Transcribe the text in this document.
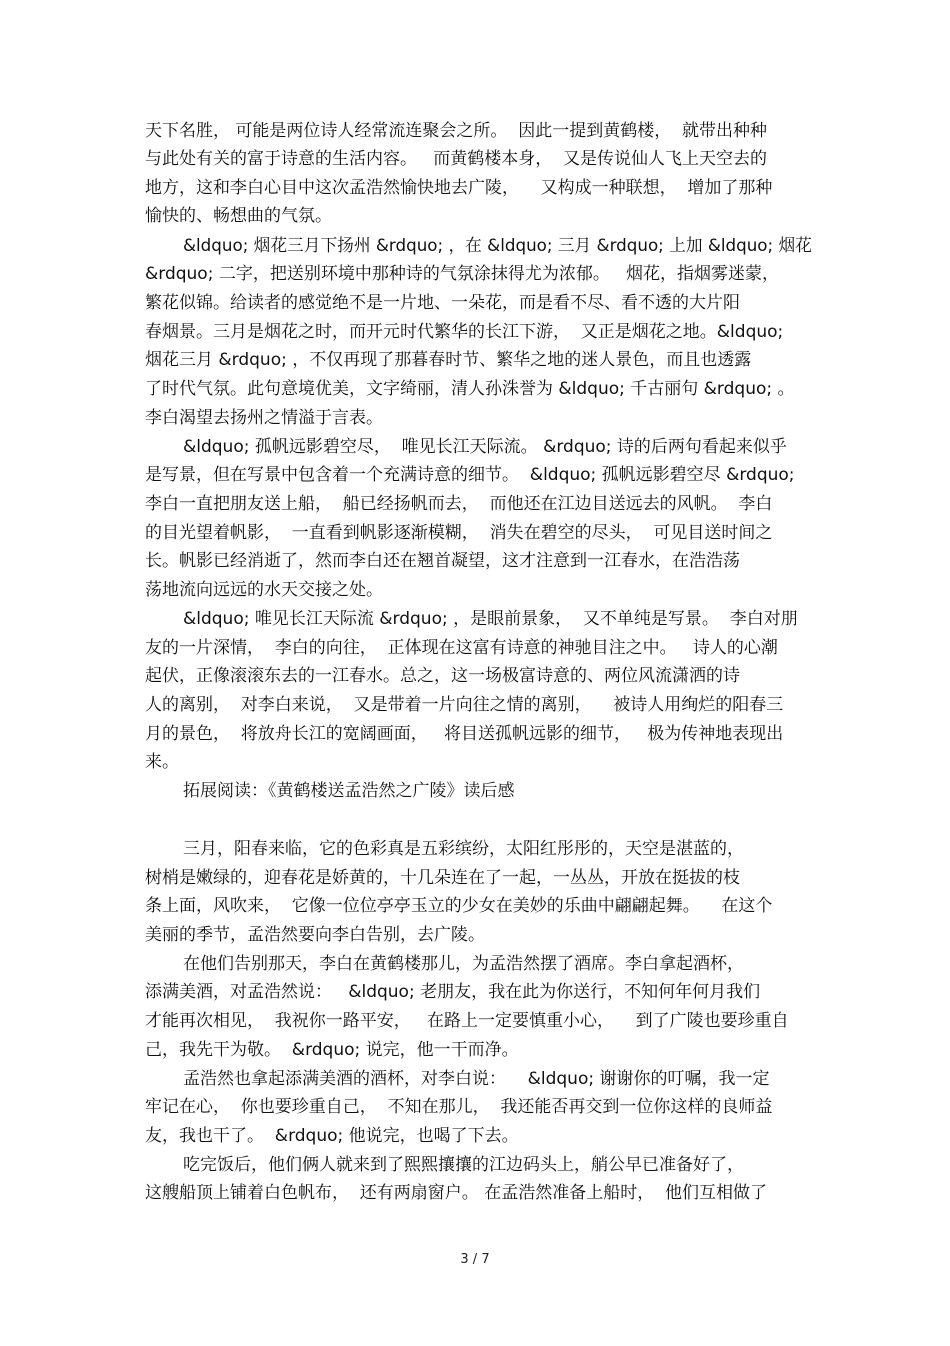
天下名胜， 可能是两位诗人经常流连聚会之所。  因此一提到黄鹤楼，  就带出种种
与此处有关的富于诗意的生活内容。   而黄鹤楼本身，  又是传说仙人飞上天空去的
地方，这和李白心目中这次孟浩然愉快地去广陵，    又构成一种联想，  增加了那种
愉快的、畅想曲的气氛。
&ldquo; 烟花三月下扬州 &rdquo; ，在 &ldquo; 三月 &rdquo; 上加 &ldquo; 烟花
&rdquo; 二字，把送别环境中那种诗的气氛涂抹得尤为浓郁。   烟花，指烟雾迷蒙，
繁花似锦。给读者的感觉绝不是一片地、一朵花，而是看不尽、看不透的大片阳
春烟景。三月是烟花之时，而开元时代繁华的长江下游，  又正是烟花之地。&ldquo;
烟花三月 &rdquo; ，不仅再现了那暮春时节、繁华之地的迷人景色，而且也透露
了时代气氛。此句意境优美，文字绮丽，清人孙洙誉为 &ldquo; 千古丽句 &rdquo; 。
李白渴望去扬州之情溢于言表。
&ldquo; 孤帆远影碧空尽，  唯见长江天际流。 &rdquo; 诗的后两句看起来似乎
是写景，但在写景中包含着一个充满诗意的细节。  &ldquo; 孤帆远影碧空尽 &rdquo;
李白一直把朋友送上船，  船已经扬帆而去，  而他还在江边目送远去的风帆。  李白
的目光望着帆影，  一直看到帆影逐渐模糊，  消失在碧空的尽头，  可见目送时间之
长。帆影已经消逝了，然而李白还在翘首凝望，这才注意到一江春水，在浩浩荡
荡地流向远远的水天交接之处。
&ldquo; 唯见长江天际流 &rdquo; ，是眼前景象，  又不单纯是写景。  李白对朋
友的一片深情，  李白的向往，  正体现在这富有诗意的神驰目注之中。   诗人的心潮
起伏，正像滚滚东去的一江春水。总之，这一场极富诗意的、两位风流潇洒的诗
人的离别，  对李白来说，  又是带着一片向往之情的离别，    被诗人用绚烂的阳春三
月的景色，  将放舟长江的宽阔画面，   将目送孤帆远影的细节，   极为传神地表现出
来。
拓展阅读：《黄鹤楼送孟浩然之广陵》读后感
三月，阳春来临，它的色彩真是五彩缤纷，太阳红彤彤的，天空是湛蓝的，
树梢是嫩绿的，迎春花是娇黄的，十几朵连在了一起，一丛丛，开放在挺拔的枝
条上面，风吹来，  它像一位位亭亭玉立的少女在美妙的乐曲中翩翩起舞。    在这个
美丽的季节，孟浩然要向李白告别，去广陵。
在他们告别那天，李白在黄鹤楼那儿，为孟浩然摆了酒席。李白拿起酒杯，
添满美酒，对孟浩然说：   &ldquo; 老朋友，我在此为你送行，不知何年何月我们
才能再次相见，  我祝你一路平安，   在路上一定要慎重小心，    到了广陵也要珍重自
己，我先干为敬。  &rdquo; 说完，他一干而净。
孟浩然也拿起添满美酒的酒杯，对李白说：    &ldquo; 谢谢你的叮嘱，我一定
牢记在心，  你也要珍重自己，  不知在那儿，  我还能否再交到一位你这样的良师益
友，我也干了。  &rdquo; 他说完，也喝了下去。
吃完饭后，他们俩人就来到了熙熙攘攘的江边码头上，艄公早已准备好了，
这艘船顶上铺着白色帆布，  还有两扇窗户。 在孟浩然准备上船时，  他们互相做了
3 / 7
